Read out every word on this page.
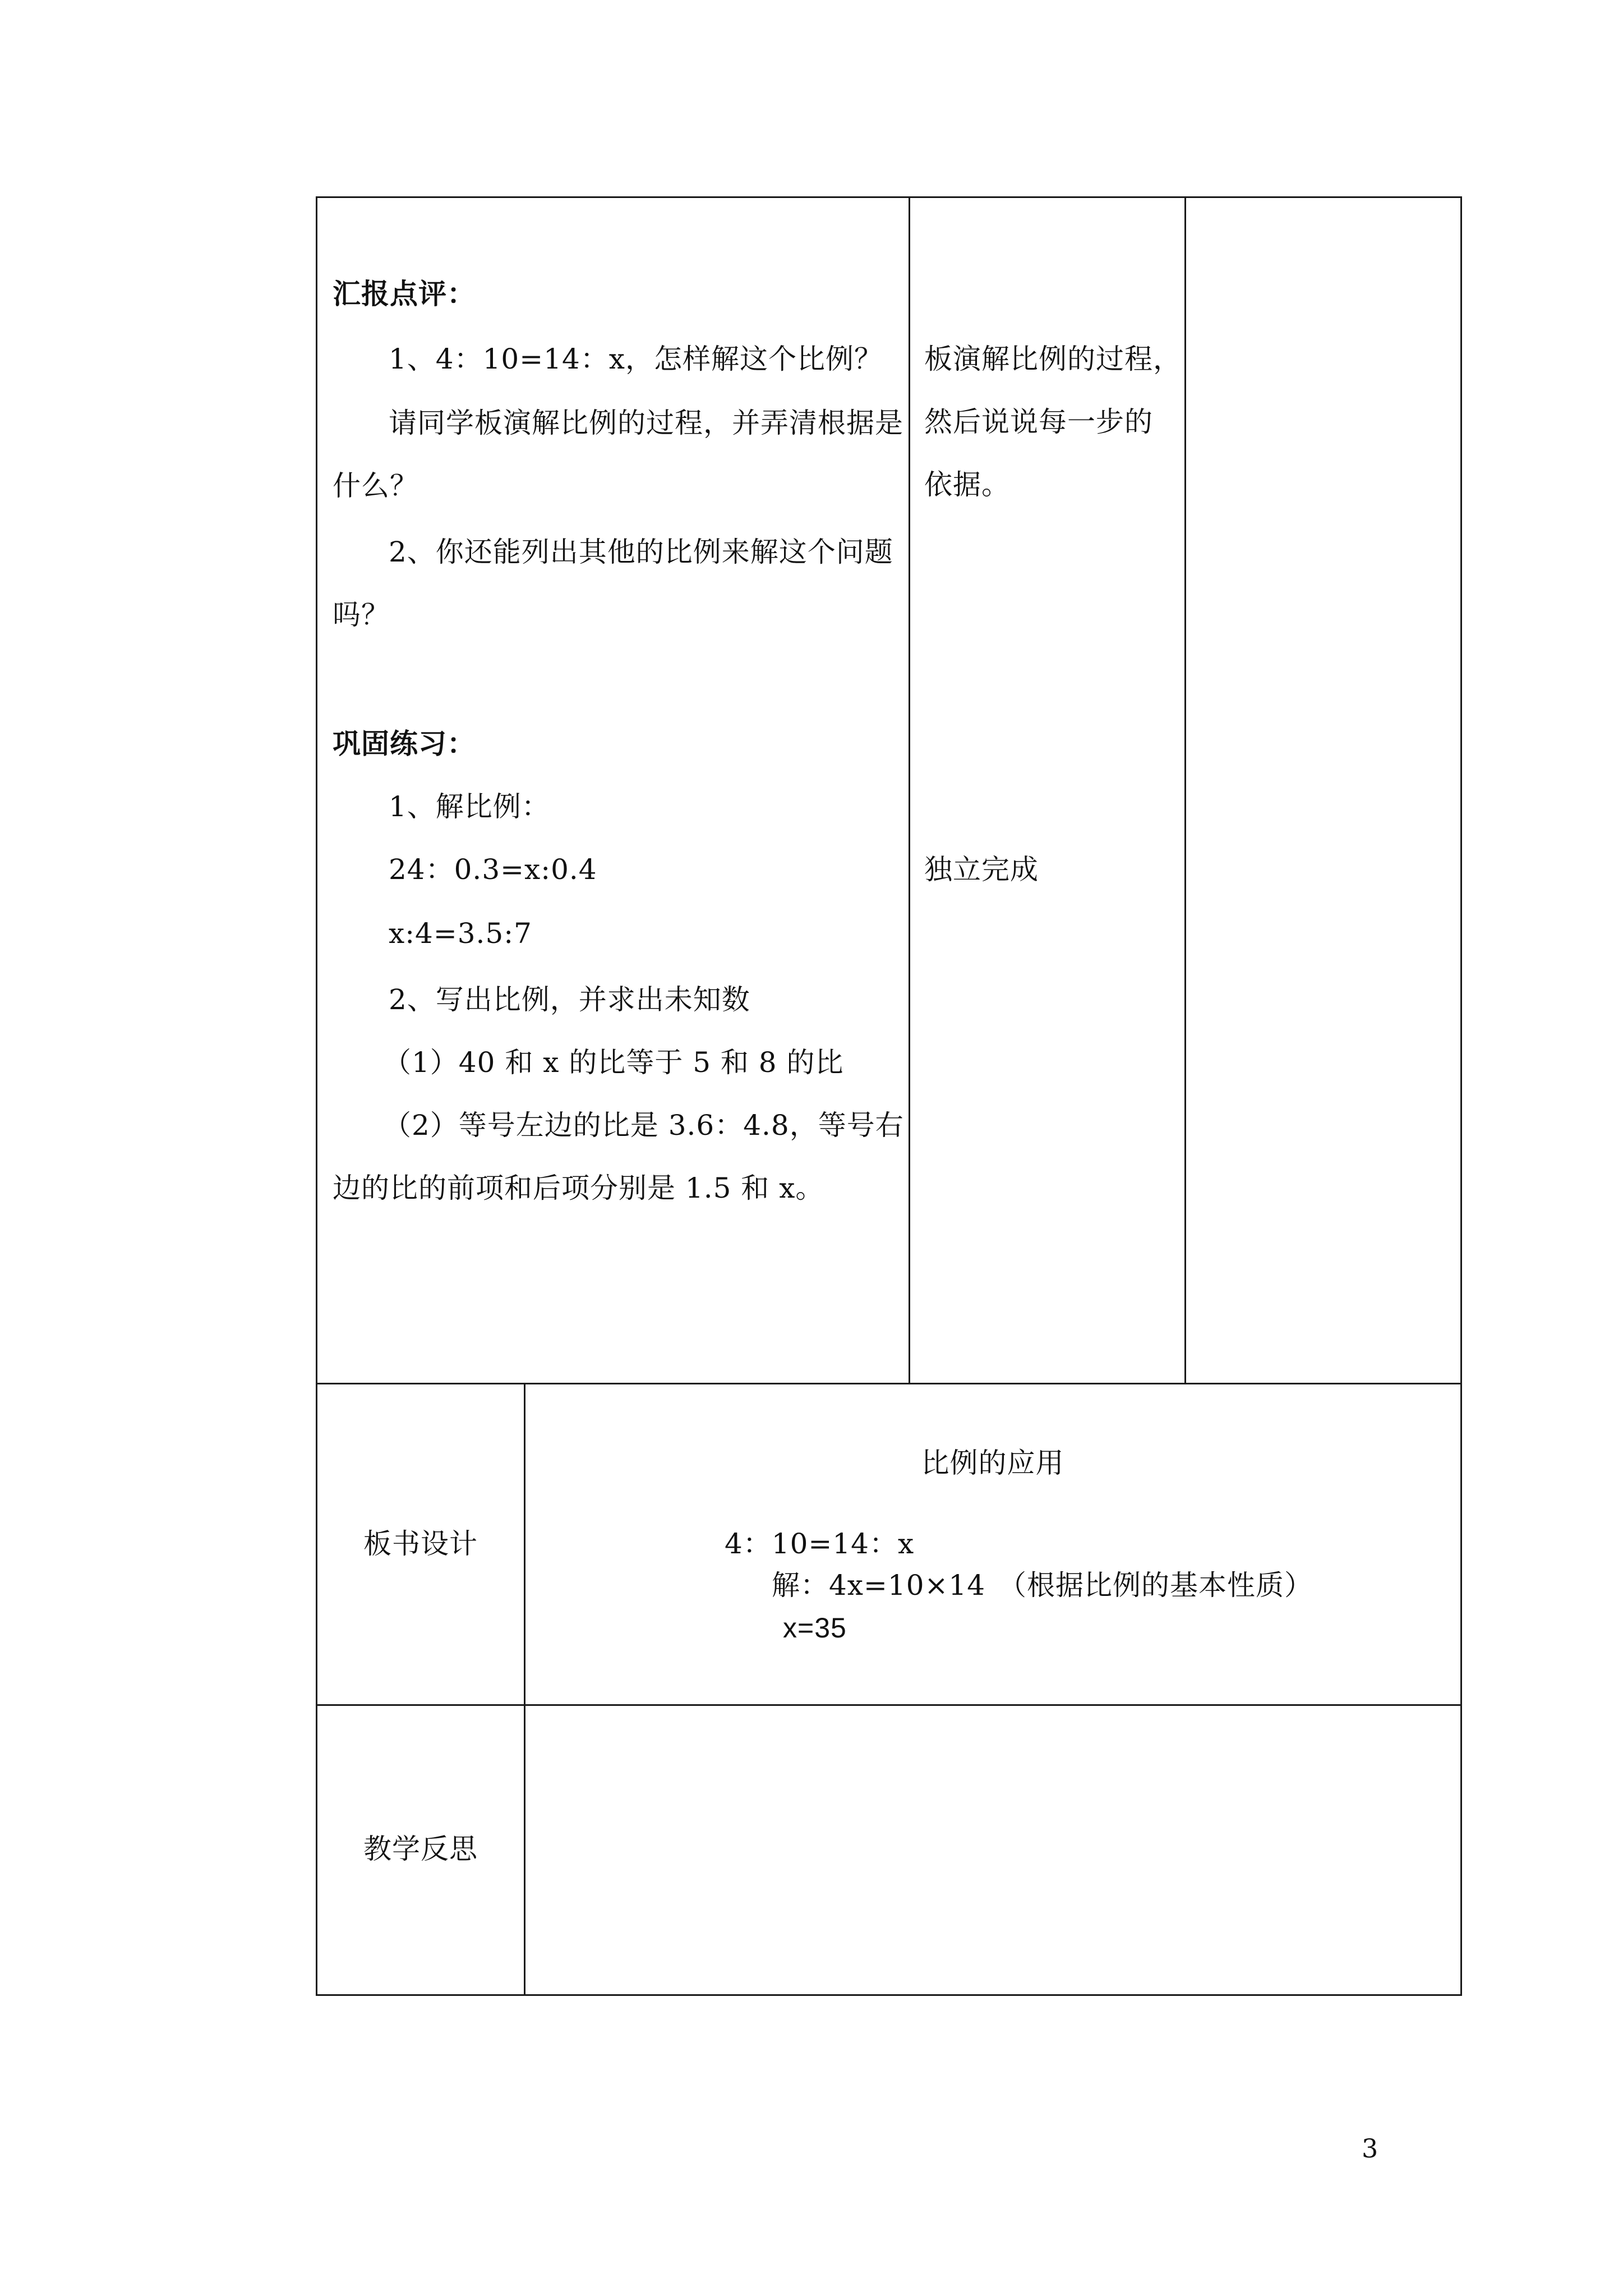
汇报点评：
1、4：10=14：x，怎样解这个比例？
请同学板演解比例的过程，并弄清根据是
什么？
2、你还能列出其他的比例来解这个问题
吗？
巩固练习：
1、解比例：
24：0.3=x:0.4
x:4=3.5:7
2、写出比例，并求出未知数
（1）40 和 x 的比等于 5 和 8 的比
（2）等号左边的比是 3.6：4.8，等号右
边的比的前项和后项分别是 1.5 和 x。
板演解比例的过程，
然后说说每一步的
依据。
独立完成
板书设计
比例的应用
4：10=14：x
解：4x=10×14 （根据比例的基本性质）
x=35
教学反思
3
